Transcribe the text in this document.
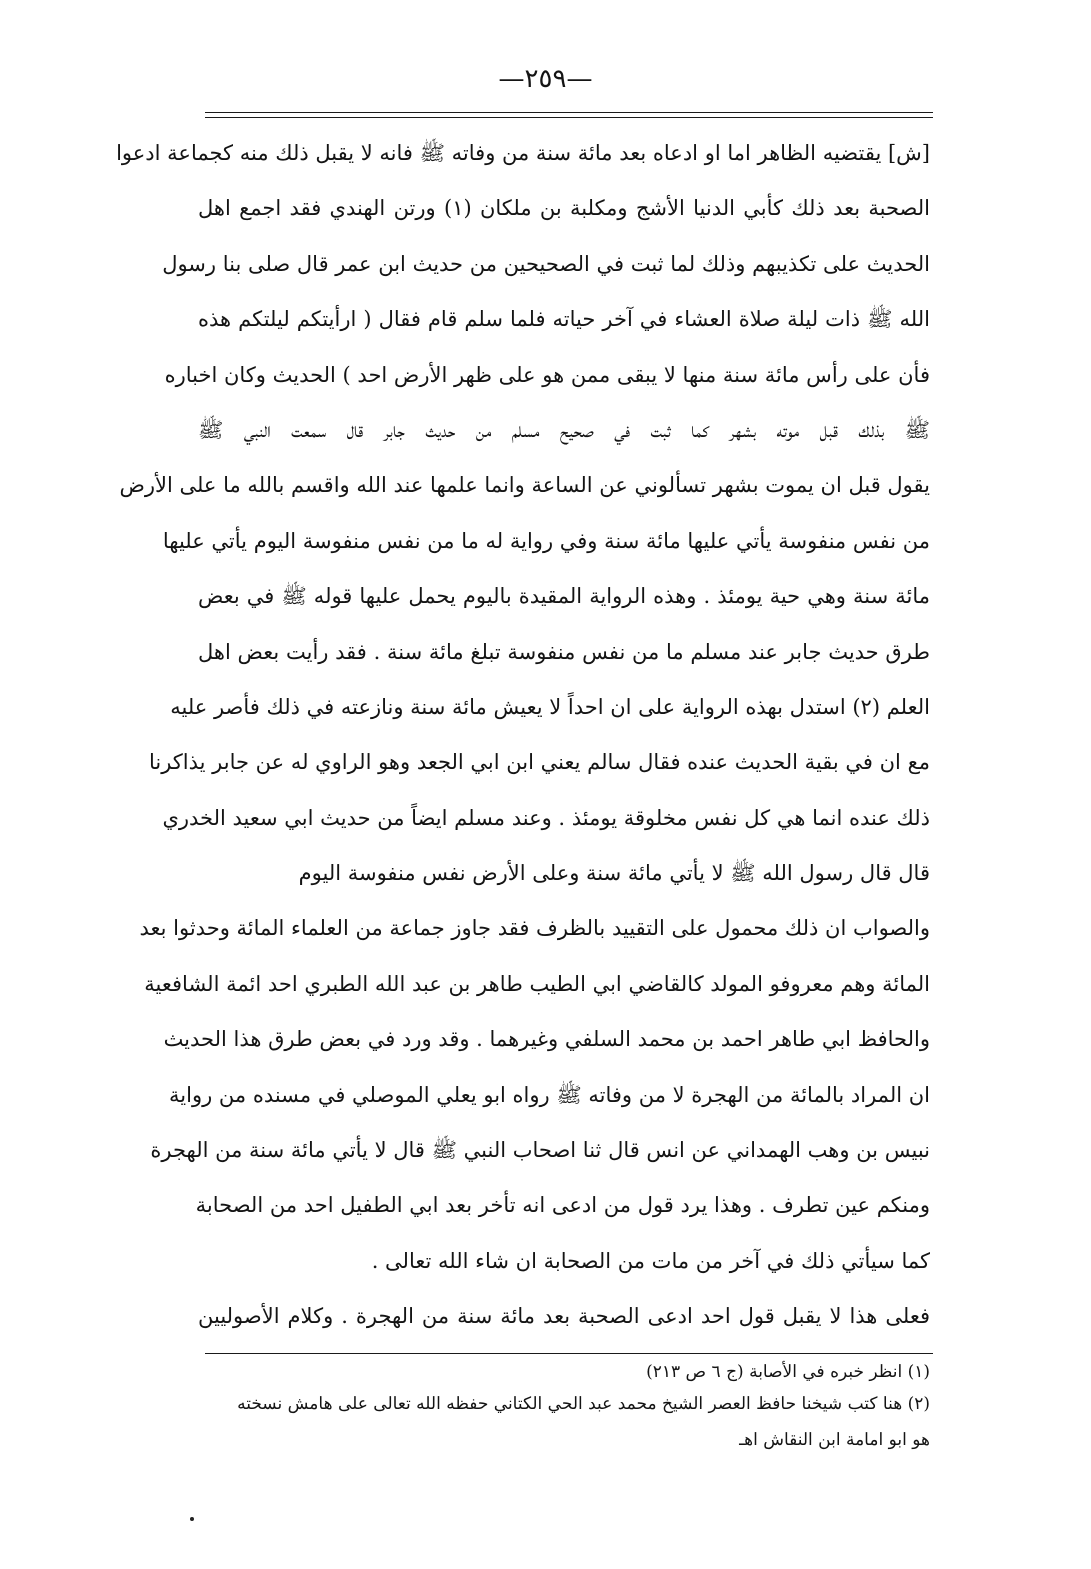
—٢٥٩—
[ش] يقتضيه الظاهر اما او ادعاه بعد مائة سنة من وفاته ﷺ فانه لا يقبل ذلك منه كجماعة ادعوا
الصحبة بعد ذلك كأبي الدنيا الأشج ومكلبة بن ملكان (١) ورتن الهندي فقد اجمع اهل
الحديث على تكذيبهم وذلك لما ثبت في الصحيحين من حديث ابن عمر قال صلى بنا رسول
الله ﷺ ذات ليلة صلاة العشاء في آخر حياته فلما سلم قام فقال ( ارأيتكم ليلتكم هذه
فأن على رأس مائة سنة منها لا يبقى ممن هو على ظهر الأرض احد ) الحديث وكان اخباره
ﷺ بذلك قبل موته بشهر كما ثبت في صحيح مسلم من حديث جابر قال سمعت النبي ﷺ
يقول قبل ان يموت بشهر تسألوني عن الساعة وانما علمها عند الله واقسم بالله ما على الأرض
من نفس منفوسة يأتي عليها مائة سنة وفي رواية له ما من نفس منفوسة اليوم يأتي عليها
مائة سنة وهي حية يومئذ . وهذه الرواية المقيدة باليوم يحمل عليها قوله ﷺ في بعض
طرق حديث جابر عند مسلم ما من نفس منفوسة تبلغ مائة سنة . فقد رأيت بعض اهل
العلم (٢) استدل بهذه الرواية على ان احداً لا يعيش مائة سنة ونازعته في ذلك فأصر عليه
مع ان في بقية الحديث عنده فقال سالم يعني ابن ابي الجعد وهو الراوي له عن جابر يذاكرنا
ذلك عنده انما هي كل نفس مخلوقة يومئذ . وعند مسلم ايضاً من حديث ابي سعيد الخدري
قال قال رسول الله ﷺ لا يأتي مائة سنة وعلى الأرض نفس منفوسة اليوم
والصواب ان ذلك محمول على التقييد بالظرف فقد جاوز جماعة من العلماء المائة وحدثوا بعد
المائة وهم معروفو المولد كالقاضي ابي الطيب طاهر بن عبد الله الطبري احد ائمة الشافعية
والحافظ ابي طاهر احمد بن محمد السلفي وغيرهما . وقد ورد في بعض طرق هذا الحديث
ان المراد بالمائة من الهجرة لا من وفاته ﷺ رواه ابو يعلي الموصلي في مسنده من رواية
نبيس بن وهب الهمداني عن انس قال ثنا اصحاب النبي ﷺ قال لا يأتي مائة سنة من الهجرة
ومنكم عين تطرف . وهذا يرد قول من ادعى انه تأخر بعد ابي الطفيل احد من الصحابة
كما سيأتي ذلك في آخر من مات من الصحابة ان شاء الله تعالى .
فعلى هذا لا يقبل قول احد ادعى الصحبة بعد مائة سنة من الهجرة . وكلام الأصوليين
(١) انظر خبره في الأصابة (ج ٦ ص ٢١٣)
(٢) هنا كتب شيخنا حافظ العصر الشيخ محمد عبد الحي الكتاني حفظه الله تعالى على هامش نسخته
هو ابو امامة ابن النقاش اهـ
